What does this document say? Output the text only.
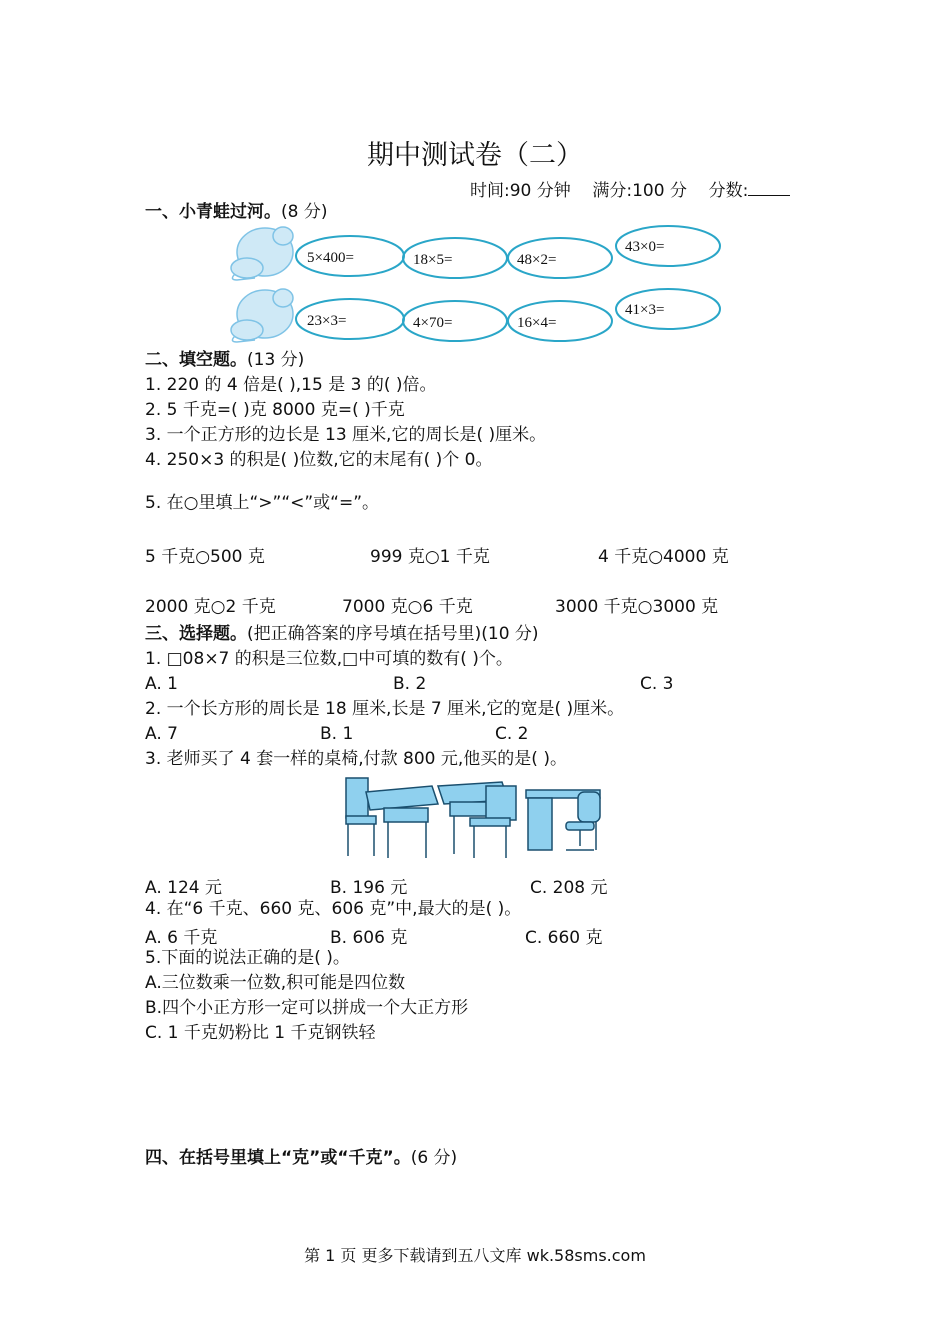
期中测试卷（二）
时间:90 分钟 满分:100 分 分数:
一、小青蛙过河。(8 分)
5×400=	18×5=	48×2=
43×0=
23×3=	4×70=	16×4=
41×3=
二、填空题。(13 分)
1. 220 的 4 倍是( ),15 是 3 的( )倍。
2. 5 千克=( )克 8000 克=( )千克
3. 一个正方形的边长是 13 厘米,它的周长是( )厘米。
4. 250×3 的积是( )位数,它的末尾有( )个 0。
5. 在○里填上“>”“<”或“=”。
5 千克○500 克	999 克○1 千克	4 千克○4000 克
2000 克○2 千克	7000 克○6 千克	3000 千克○3000 克
三、选择题。(把正确答案的序号填在括号里)(10 分)
1. □08×7 的积是三位数,□中可填的数有( )个。
A. 1	B. 2	C. 3
2. 一个长方形的周长是 18 厘米,长是 7 厘米,它的宽是( )厘米。
A. 7	B. 1	C. 2
3. 老师买了 4 套一样的桌椅,付款 800 元,他买的是( )。
A. 124 元	B. 196 元	C. 208 元
4. 在“6 千克、660 克、606 克”中,最大的是( )。
A. 6 千克	B. 606 克	C. 660 克
5.下面的说法正确的是( )。
A.三位数乘一位数,积可能是四位数
B.四个小正方形一定可以拼成一个大正方形
C. 1 千克奶粉比 1 千克钢铁轻
四、在括号里填上“克”或“千克”。(6 分)
第 1 页 更多下载请到五八文库 wk.58sms.com
